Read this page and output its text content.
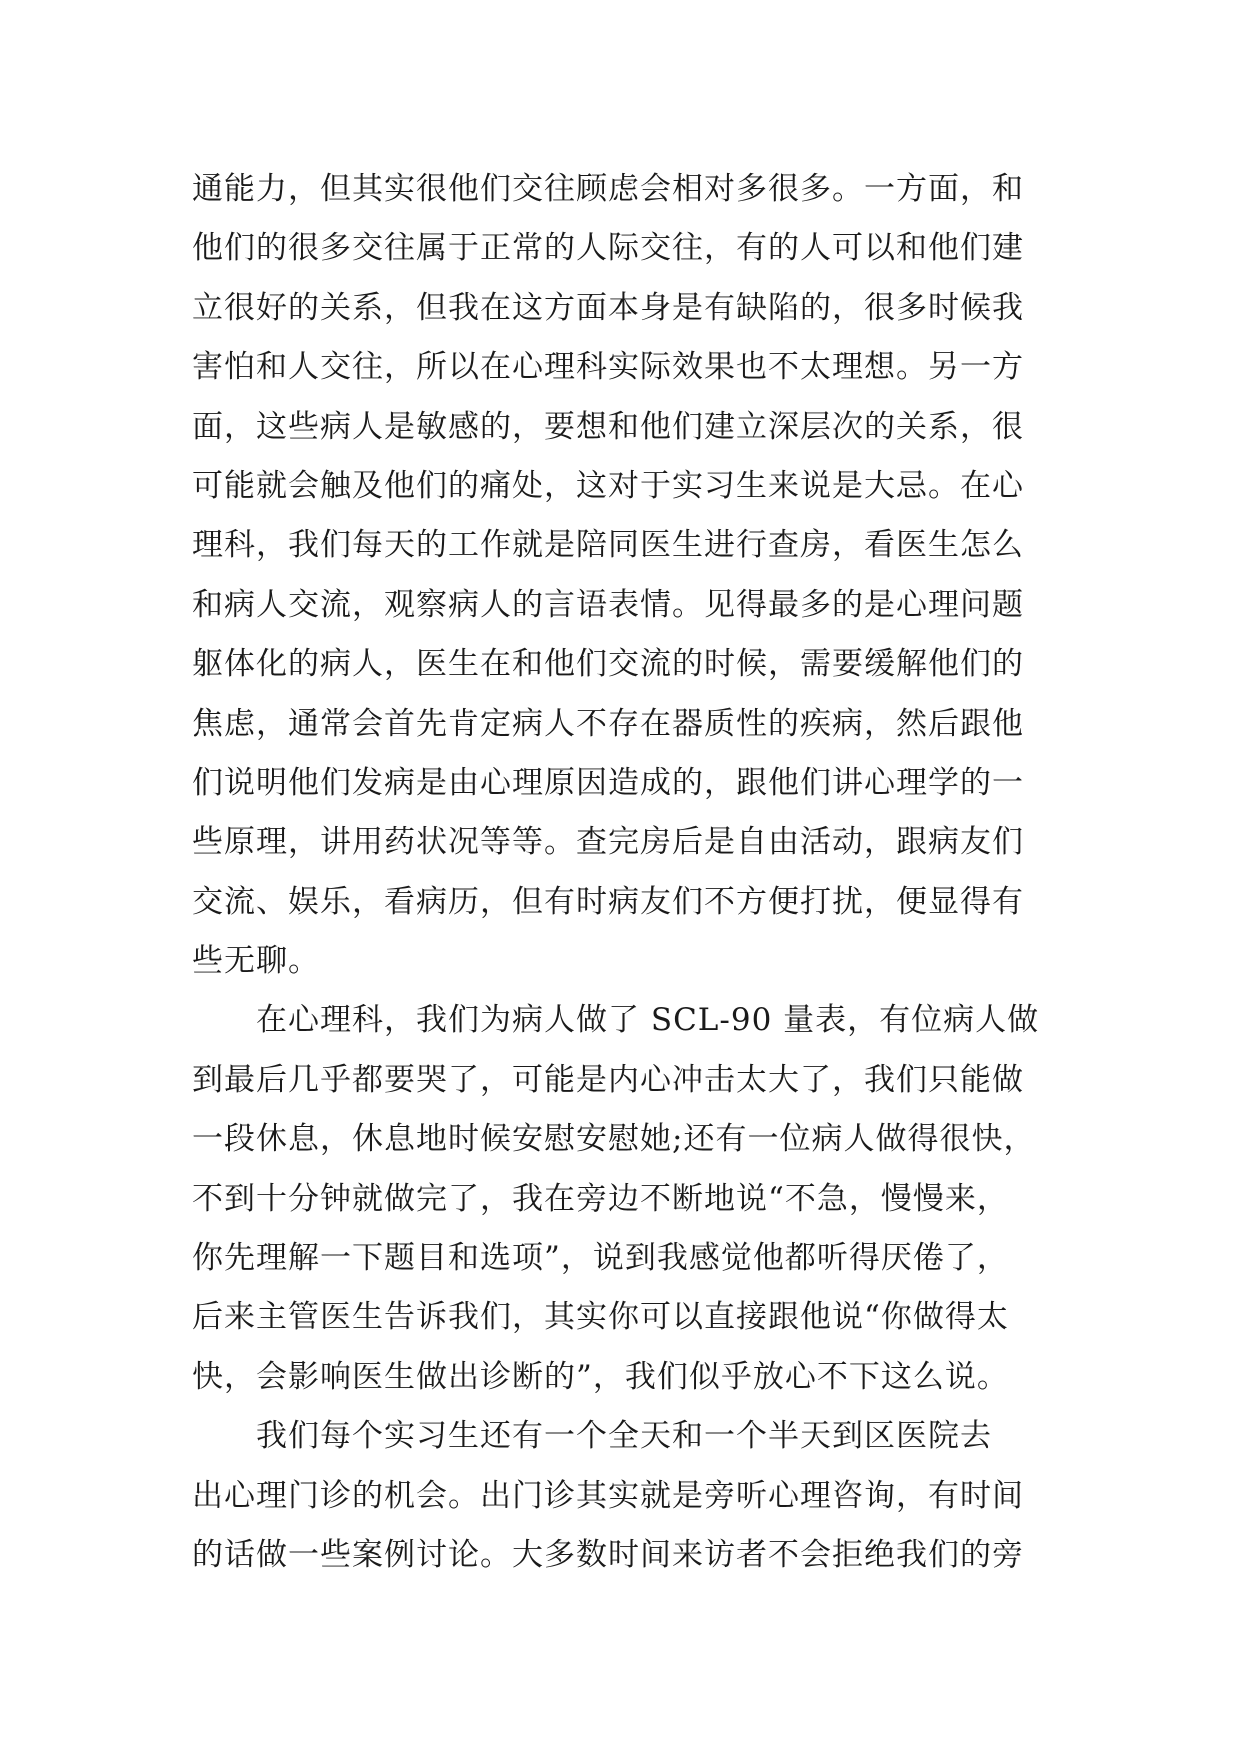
通能力，但其实很他们交往顾虑会相对多很多。一方面，和
他们的很多交往属于正常的人际交往，有的人可以和他们建
立很好的关系，但我在这方面本身是有缺陷的，很多时候我
害怕和人交往，所以在心理科实际效果也不太理想。另一方
面，这些病人是敏感的，要想和他们建立深层次的关系，很
可能就会触及他们的痛处，这对于实习生来说是大忌。在心
理科，我们每天的工作就是陪同医生进行查房，看医生怎么
和病人交流，观察病人的言语表情。见得最多的是心理问题
躯体化的病人，医生在和他们交流的时候，需要缓解他们的
焦虑，通常会首先肯定病人不存在器质性的疾病，然后跟他
们说明他们发病是由心理原因造成的，跟他们讲心理学的一
些原理，讲用药状况等等。查完房后是自由活动，跟病友们
交流、娱乐，看病历，但有时病友们不方便打扰，便显得有
些无聊。
在心理科，我们为病人做了 SCL-90 量表，有位病人做
到最后几乎都要哭了，可能是内心冲击太大了，我们只能做
一段休息，休息地时候安慰安慰她;还有一位病人做得很快，
不到十分钟就做完了，我在旁边不断地说“不急，慢慢来，
你先理解一下题目和选项”，说到我感觉他都听得厌倦了，
后来主管医生告诉我们，其实你可以直接跟他说“你做得太
快，会影响医生做出诊断的”，我们似乎放心不下这么说。
我们每个实习生还有一个全天和一个半天到区医院去
出心理门诊的机会。出门诊其实就是旁听心理咨询，有时间
的话做一些案例讨论。大多数时间来访者不会拒绝我们的旁
